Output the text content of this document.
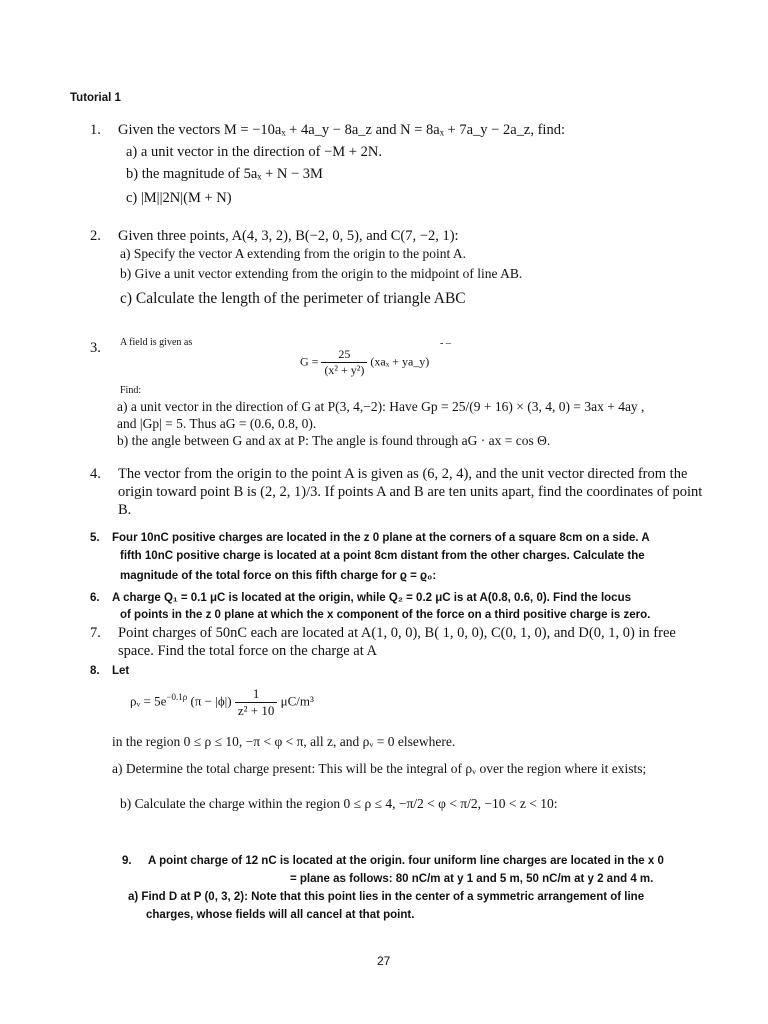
Tutorial 1
1. Given the vectors M = −10aₓ + 4a_y − 8a_z and N = 8aₓ + 7a_y − 2a_z, find:
a) a unit vector in the direction of −M + 2N.
b) the magnitude of 5aₓ + N − 3M
c) |M||2N|(M + N)
2. Given three points, A(4, 3, 2), B(−2, 0, 5), and C(7, −2, 1):
a) Specify the vector A extending from the origin to the point A.
b) Give a unit vector extending from the origin to the midpoint of line AB.
c) Calculate the length of the perimeter of triangle ABC
3. A field is given as	- –
$G = \frac{25}{\text{(x² + y²)}} (xa_x$ + ya_y)
Find:
a) a unit vector in the direction of G at P(3, 4,−2): Have Gp = 25/(9 + 16) × (3, 4, 0) = 3ax + 4ay ,
and |Gp| = 5. Thus aG = (0.6, 0.8, 0).
b) the angle between G and ax at P: The angle is found through aG · ax = cos Θ.
4. The vector from the origin to the point A is given as (6, 2, 4), and the unit vector directed from the
origin toward point B is (2, 2, 1)/3. If points A and B are ten units apart, find the coordinates of point
B.
5. Four 10nC positive charges are located in the z 0 plane at the corners of a square 8cm on a side. A
fifth 10nC positive charge is located at a point 8cm distant from the other charges. Calculate the
magnitude of the total force on this fifth charge for ϱ = ϱ₀:
6. A charge Q₁ = 0.1 μC is located at the origin, while Q₂ = 0.2 μC is at A(0.8, 0.6, 0). Find the locus
of points in the z 0 plane at which the x component of the force on a third positive charge is zero.
7. Point charges of 50nC each are located at A(1, 0, 0), B( 1, 0, 0), C(0, 1, 0), and D(0, 1, 0) in free
space. Find the total force on the charge at A
8. Let
ρᵥ = $5e^{-0.1\rho}$ $(\pi - |\phi|) \frac{1}{\text{z² + 10}} \mu C/m^3$
in the region 0 ≤ ρ ≤ 10, −π < φ < π, all z, and ρᵥ = 0 elsewhere.
a) Determine the total charge present: This will be the integral of ρᵥ over the region where it exists;
b) Calculate the charge within the region 0 ≤ ρ ≤ 4, −π/2 < φ < π/2, −10 < z < 10:
9. A point charge of 12 nC is located at the origin. four uniform line charges are located in the x 0
= plane as follows: 80 nC/m at y 1 and 5 m, 50 nC/m at y 2 and 4 m.
a) Find D at P (0, 3, 2): Note that this point lies in the center of a symmetric arrangement of line
charges, whose fields will all cancel at that point.
27
